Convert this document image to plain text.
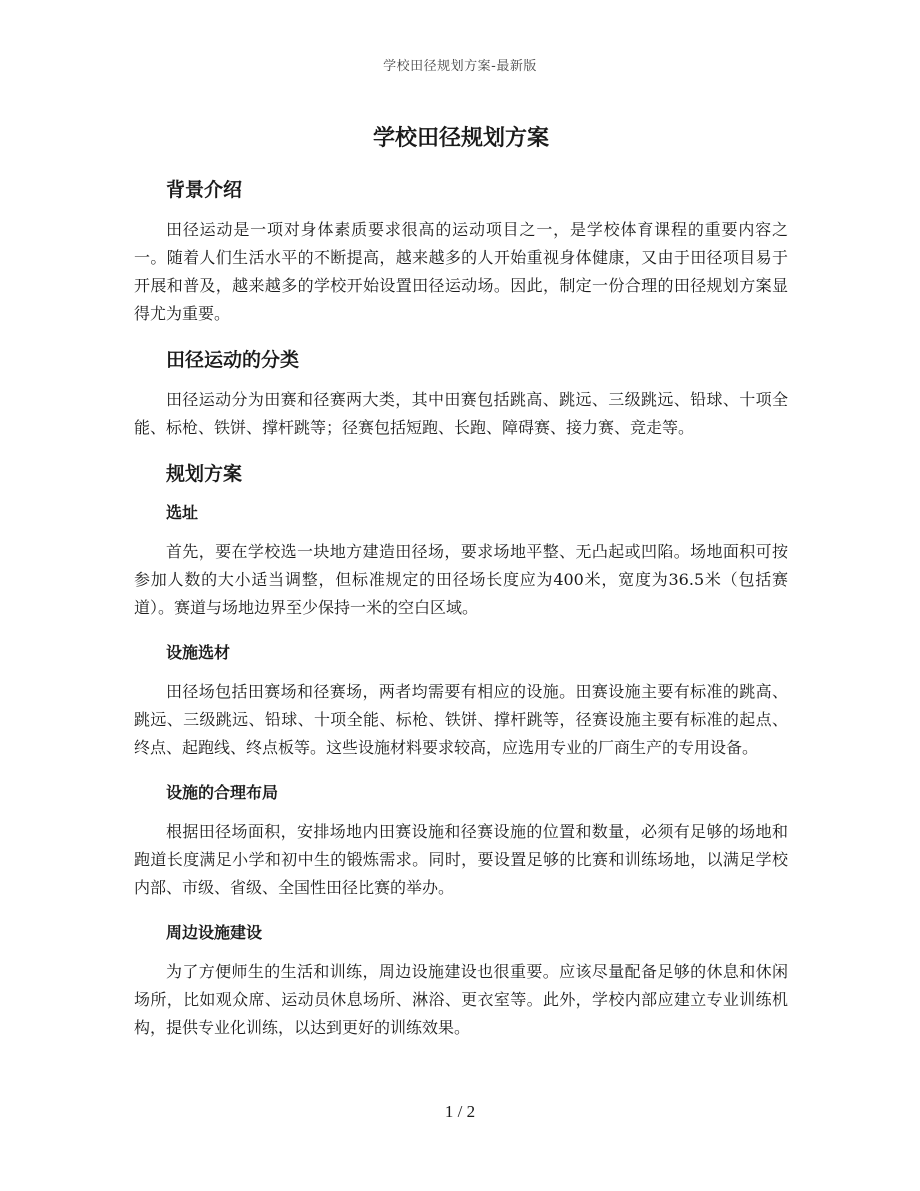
学校田径规划方案-最新版
学校田径规划方案
背景介绍

田径运动是一项对身体素质要求很高的运动项目之一，是学校体育课程的重要内容之一。随着人们生活水平的不断提高，越来越多的人开始重视身体健康，又由于田径项目易于开展和普及，越来越多的学校开始设置田径运动场。因此，制定一份合理的田径规划方案显得尤为重要。

田径运动的分类

田径运动分为田赛和径赛两大类，其中田赛包括跳高、跳远、三级跳远、铅球、十项全能、标枪、铁饼、撑杆跳等；径赛包括短跑、长跑、障碍赛、接力赛、竞走等。

规划方案
选址

首先，要在学校选一块地方建造田径场，要求场地平整、无凸起或凹陷。场地面积可按参加人数的大小适当调整，但标准规定的田径场长度应为400米，宽度为36.5米（包括赛道）。赛道与场地边界至少保持一米的空白区域。

设施选材

田径场包括田赛场和径赛场，两者均需要有相应的设施。田赛设施主要有标准的跳高、跳远、三级跳远、铅球、十项全能、标枪、铁饼、撑杆跳等，径赛设施主要有标准的起点、终点、起跑线、终点板等。这些设施材料要求较高，应选用专业的厂商生产的专用设备。

设施的合理布局

根据田径场面积，安排场地内田赛设施和径赛设施的位置和数量，必须有足够的场地和跑道长度满足小学和初中生的锻炼需求。同时，要设置足够的比赛和训练场地，以满足学校内部、市级、省级、全国性田径比赛的举办。

周边设施建设

为了方便师生的生活和训练，周边设施建设也很重要。应该尽量配备足够的休息和休闲场所，比如观众席、运动员休息场所、淋浴、更衣室等。此外，学校内部应建立专业训练机构，提供专业化训练，以达到更好的训练效果。

1 / 2
